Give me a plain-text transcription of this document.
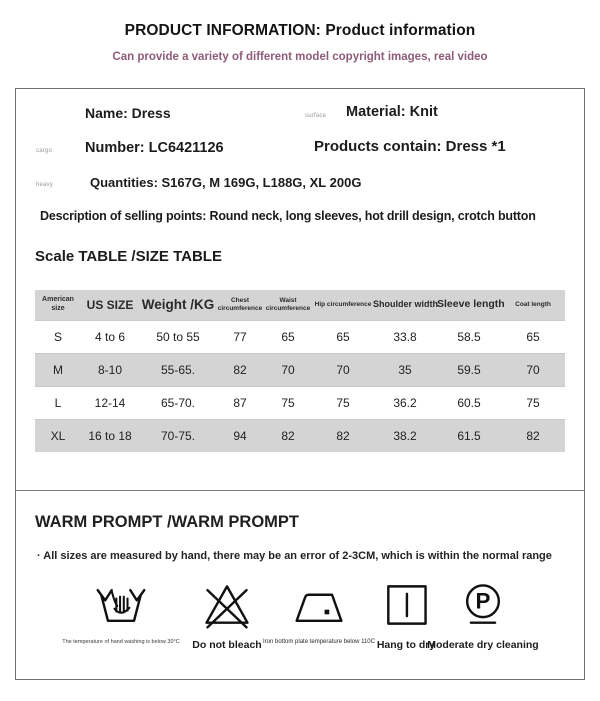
PRODUCT INFORMATION: Product information
Can provide a variety of different model copyright images, real video
Name: Dress	surface Material: Knit
cargo Number: LC6421126	Products contain: Dress *1
heavy	Quantities: S167G, M 169G, L188G, XL 200G
Description of selling points: Round neck, long sleeves, hot drill design, crotch button
Scale TABLE /SIZE TABLE
American size	US SIZE	Weight /KG	Chest circumference	Waist circumference	Hip circumference	Shoulder width	Sleeve length	Coat length
S	4 to 6	50 to 55	77	65	65	33.8	58.5	65
M	8-10	55-65.	82	70	70	35	59.5	70
L	12-14	65-70.	87	75	75	36.2	60.5	75
XL	16 to 18	70-75.	94	82	82	38.2	61.5	82
WARM PROMPT /WARM PROMPT
· All sizes are measured by hand, there may be an error of 2-3CM, which is within the normal range
The temperature of hand washing is below 30°C	Do not bleach Iron bottom plate temperature below 110C Hang to dry
P
Moderate dry cleaning
